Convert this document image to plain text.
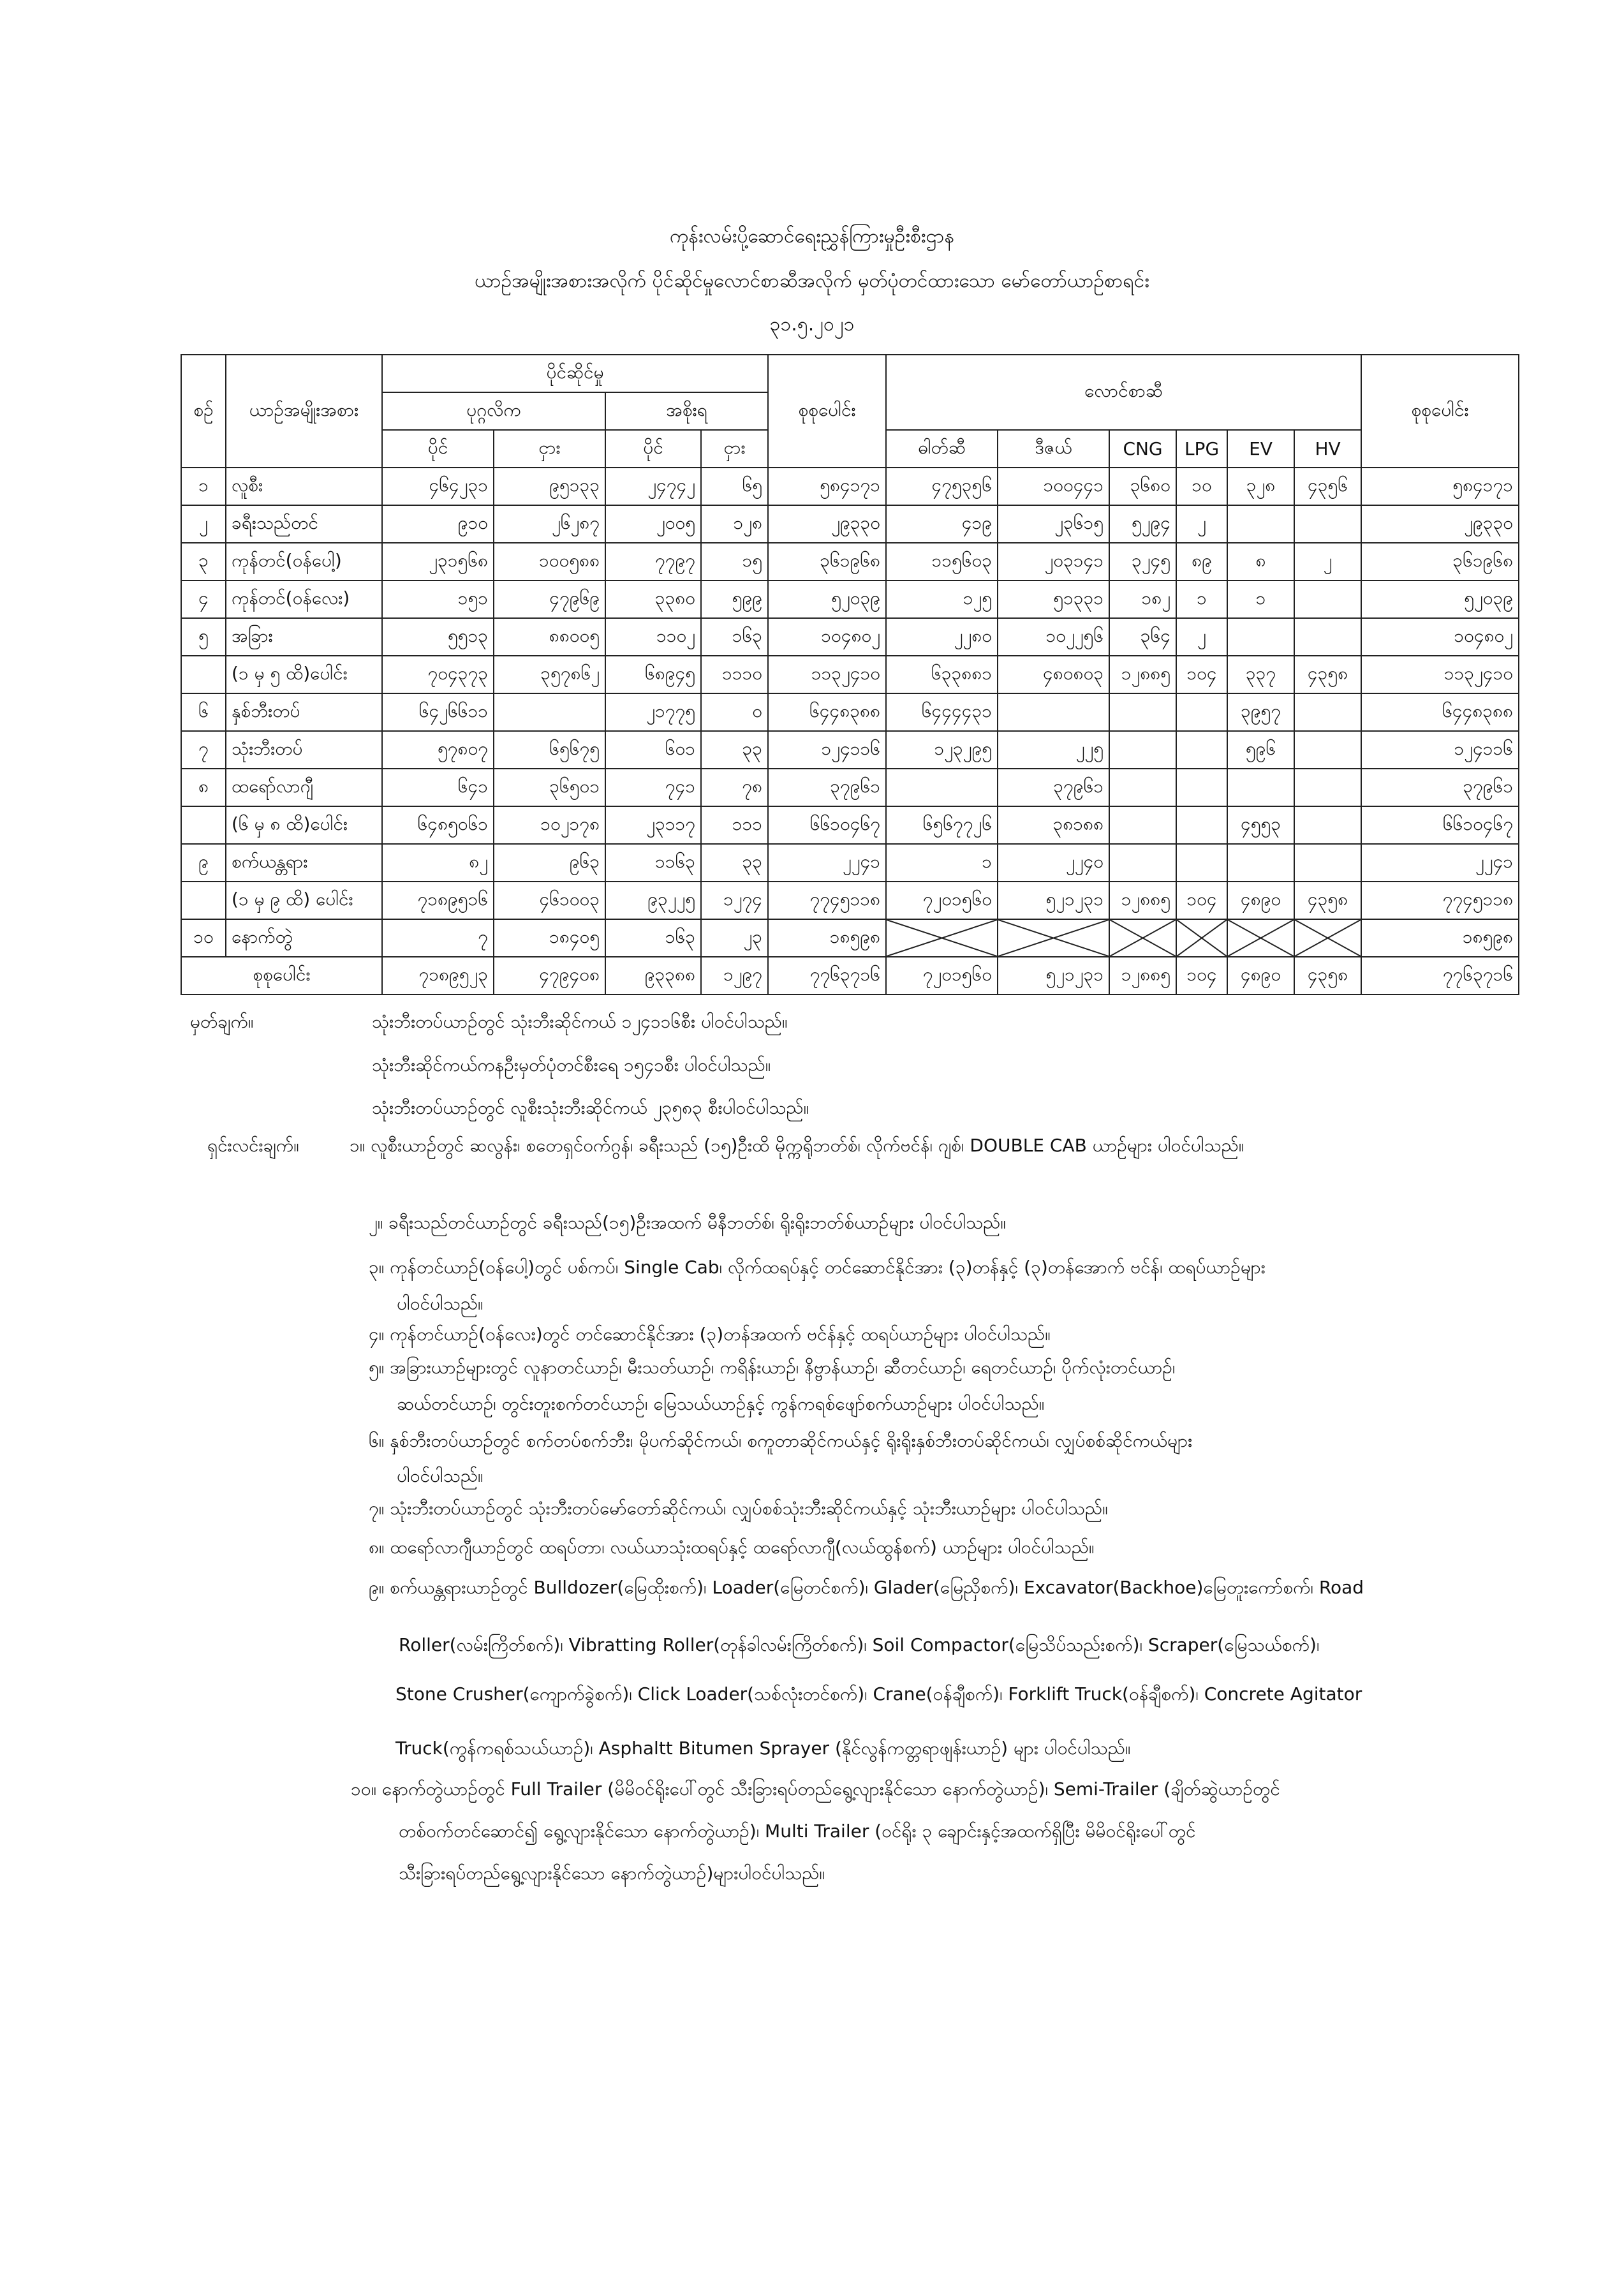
ကုန်းလမ်းပို့ဆောင်ရေးညွှန်ကြားမှုဦးစီးဌာန
ယာဉ်အမျိုးအစားအလိုက် ပိုင်ဆိုင်မှုလောင်စာဆီအလိုက် မှတ်ပုံတင်ထားသော မော်တော်ယာဉ်စာရင်း
၃၁.၅.၂၀၂၁
စဉ်	ယာဉ်အမျိုးအစား	ပိုင်ဆိုင်မှု				စုစုပေါင်း	လောင်စာဆီ						စုစုပေါင်း
		ပုဂ္ဂလိက		အစိုးရ									
		ပိုင်	ငှား	ပိုင်	ငှား		ဓါတ်ဆီ	ဒီဇယ်	CNG	LPG	EV	HV	
၁	လူစီး	၄၆၄၂၃၁	၉၅၁၃၃	၂၄၇၄၂	၆၅	၅၈၄၁၇၁	၄၇၅၃၅၆	၁၀၀၄၄၁	၃၆၈၀	၁၀	၃၂၈	၄၃၅၆	၅၈၄၁၇၁
၂	ခရီးသည်တင်	၉၁၀	၂၆၂၈၇	၂၀၀၅	၁၂၈	၂၉၃၃၀	၄၁၉	၂၃၆၁၅	၅၂၉၄	၂			၂၉၃၃၀
၃	ကုန်တင်(ဝန်ပေါ့)	၂၃၁၅၆၈	၁၀၀၅၈၈	၇၇၉၇	၁၅	၃၆၁၉၆၈	၁၁၅၆၀၃	၂၀၃၁၄၁	၃၂၄၅	၈၉	၈	၂	၃၆၁၉၆၈
၄	ကုန်တင်(ဝန်လေး)	၁၅၁	၄၇၉၆၉	၃၃၈၀	၅၉၉	၅၂၀၃၉	၁၂၅	၅၁၃၃၁	၁၈၂	၁	၁		၅၂၀၃၉
၅	အခြား	၅၅၁၃	၈၈၀၀၅	၁၁၀၂	၁၆၃	၁၀၄၈၀၂	၂၂၈၀	၁၀၂၂၅၆	၃၆၄	၂			၁၀၄၈၀၂
	(၁ မှ ၅ ထိ)ပေါင်း	၇၀၄၃၇၃	၃၅၇၈၆၂	၆၈၉၄၅	၁၁၁၀	၁၁၃၂၄၁၀	၆၃၃၈၈၁	၄၈၀၈၀၃	၁၂၈၈၅	၁၀၄	၃၃၇	၄၃၅၈	၁၁၃၂၄၁၀
၆	နှစ်ဘီးတပ်	၆၄၂၆၆၁၁		၂၁၇၇၅	၀	၆၄၄၈၃၈၈	၆၄၄၄၄၃၁				၃၉၅၇		၆၄၄၈၃၈၈
၇	သုံးဘီးတပ်	၅၇၈၀၇	၆၅၆၇၅	၆၀၁	၃၃	၁၂၄၁၁၆	၁၂၃၂၉၅	၂၂၅			၅၉၆		၁၂၄၁၁၆
၈	ထရော်လာဂျီ	၆၄၁	၃၆၅၀၁	၇၄၁	၇၈	၃၇၉၆၁		၃၇၉၆၁					၃၇၉၆၁
	(၆ မှ ၈ ထိ)ပေါင်း	၆၄၈၅၀၆၁	၁၀၂၁၇၈	၂၃၁၁၇	၁၁၁	၆၆၁၀၄၆၇	၆၅၆၇၇၂၆	၃၈၁၈၈			၄၅၅၃		၆၆၁၀၄၆၇
၉	စက်ယန္တရား	၈၂	၉၆၃	၁၁၆၃	၃၃	၂၂၄၁	၁	၂၂၄၀					၂၂၄၁
	(၁ မှ ၉ ထိ) ပေါင်း	၇၁၈၉၅၁၆	၄၆၁၀၀၃	၉၃၂၂၅	၁၂၇၄	၇၇၄၅၁၁၈	၇၂၀၁၅၆၀	၅၂၁၂၃၁	၁၂၈၈၅	၁၀၄	၄၈၉၀	၄၃၅၈	၇၇၄၅၁၁၈
၁၀	နောက်တွဲ	၇	၁၈၄၀၅	၁၆၃	၂၃	၁၈၅၉၈							၁၈၅၉၈
စုစုပေါင်း		၇၁၈၉၅၂၃	၄၇၉၄၀၈	၉၃၃၈၈	၁၂၉၇	၇၇၆၃၇၁၆	၇၂၀၁၅၆၀	၅၂၁၂၃၁	၁၂၈၈၅	၁၀၄	၄၈၉၀	၄၃၅၈	၇၇၆၃၇၁၆
မှတ်ချက်။	သုံးဘီးတပ်ယာဉ်တွင် သုံးဘီးဆိုင်ကယ် ၁၂၄၁၁၆စီး ပါဝင်ပါသည်။
သုံးဘီးဆိုင်ကယ်ကနဦးမှတ်ပုံတင်စီးရေ ၁၅၄၁စီး ပါဝင်ပါသည်။
သုံးဘီးတပ်ယာဉ်တွင် လူစီးသုံးဘီးဆိုင်ကယ် ၂၃၅၈၃ စီးပါဝင်ပါသည်။
ရှင်းလင်းချက်။	၁။ လူစီးယာဉ်တွင် ဆလွန်း၊ စတေရှင်ဝက်ဂွန်၊ ခရီးသည် (၁၅)ဦးထိ မိုက္ကရိုဘတ်စ်၊ လိုက်ဗင်န်၊ ဂျစ်၊ DOUBLE CAB ယာဉ်များ ပါဝင်ပါသည်။
၂။ ခရီးသည်တင်ယာဉ်တွင် ခရီးသည်(၁၅)ဦးအထက် မီနီဘတ်စ်၊ ရိုးရိုးဘတ်စ်ယာဉ်များ ပါဝင်ပါသည်။
၃။ ကုန်တင်ယာဉ်(ဝန်ပေါ့)တွင် ပစ်ကပ်၊ Single Cab၊ လိုက်ထရပ်နှင့် တင်ဆောင်နိုင်အား (၃)တန်နှင့် (၃)တန်အောက် ဗင်န်၊ ထရပ်ယာဉ်များ
ပါဝင်ပါသည်။
၄။ ကုန်တင်ယာဉ်(ဝန်လေး)တွင် တင်ဆောင်နိုင်အား (၃)တန်အထက် ဗင်န်နှင့် ထရပ်ယာဉ်များ ပါဝင်ပါသည်။
၅။ အခြားယာဉ်များတွင် လူနာတင်ယာဉ်၊ မီးသတ်ယာဉ်၊ ကရိန်းယာဉ်၊ နိဗ္ဗာန်ယာဉ်၊ ဆီတင်ယာဉ်၊ ရေတင်ယာဉ်၊ ပိုက်လုံးတင်ယာဉ်၊
ဆယ်တင်ယာဉ်၊ တွင်းတူးစက်တင်ယာဉ်၊ မြေသယ်ယာဉ်နှင့် ကွန်ကရစ်ဖျော်စက်ယာဉ်များ ပါဝင်ပါသည်။
၆။ နှစ်ဘီးတပ်ယာဉ်တွင် စက်တပ်စက်ဘီး၊ မိုပက်ဆိုင်ကယ်၊ စကူတာဆိုင်ကယ်နှင့် ရိုးရိုးနှစ်ဘီးတပ်ဆိုင်ကယ်၊ လျှပ်စစ်ဆိုင်ကယ်များ
ပါဝင်ပါသည်။
၇။ သုံးဘီးတပ်ယာဉ်တွင် သုံးဘီးတပ်မော်တော်ဆိုင်ကယ်၊ လျှပ်စစ်သုံးဘီးဆိုင်ကယ်နှင့် သုံးဘီးယာဉ်များ ပါဝင်ပါသည်။
၈။ ထရော်လာဂျီယာဉ်တွင် ထရပ်တာ၊ လယ်ယာသုံးထရပ်နှင့် ထရော်လာဂျီ(လယ်ထွန်စက်) ယာဉ်များ ပါဝင်ပါသည်။
၉။ စက်ယန္တရားယာဉ်တွင် Bulldozer(မြေထိုးစက်)၊ Loader(မြေတင်စက်)၊ Glader(မြေညှိစက်)၊ Excavator(Backhoe)မြေတူးကော်စက်၊ Road
Roller(လမ်းကြိတ်စက်)၊ Vibratting Roller(တုန်ခါလမ်းကြိတ်စက်)၊ Soil Compactor(မြေသိပ်သည်းစက်)၊ Scraper(မြေသယ်စက်)၊
Stone Crusher(ကျောက်ခွဲစက်)၊ Click Loader(သစ်လုံးတင်စက်)၊ Crane(ဝန်ချီစက်)၊ Forklift Truck(ဝန်ချီစက်)၊ Concrete Agitator
Truck(ကွန်ကရစ်သယ်ယာဉ်)၊ Asphaltt Bitumen Sprayer (နိုင်လွန်ကတ္တရာဖျန်းယာဉ်) များ ပါဝင်ပါသည်။
၁၀။ နောက်တွဲယာဉ်တွင် Full Trailer (မိမိဝင်ရိုးပေါ်တွင် သီးခြားရပ်တည်ရွေ့လျားနိုင်သော နောက်တွဲယာဉ်)၊ Semi-Trailer (ချိတ်ဆွဲယာဉ်တွင်
တစ်ဝက်တင်ဆောင်၍ ရွေ့လျားနိုင်သော နောက်တွဲယာဉ်)၊ Multi Trailer (ဝင်ရိုး ၃ ချောင်းနှင့်အထက်ရှိပြီး မိမိဝင်ရိုးပေါ်တွင်
သီးခြားရပ်တည်ရွေ့လျားနိုင်သော နောက်တွဲယာဉ်)များပါဝင်ပါသည်။
